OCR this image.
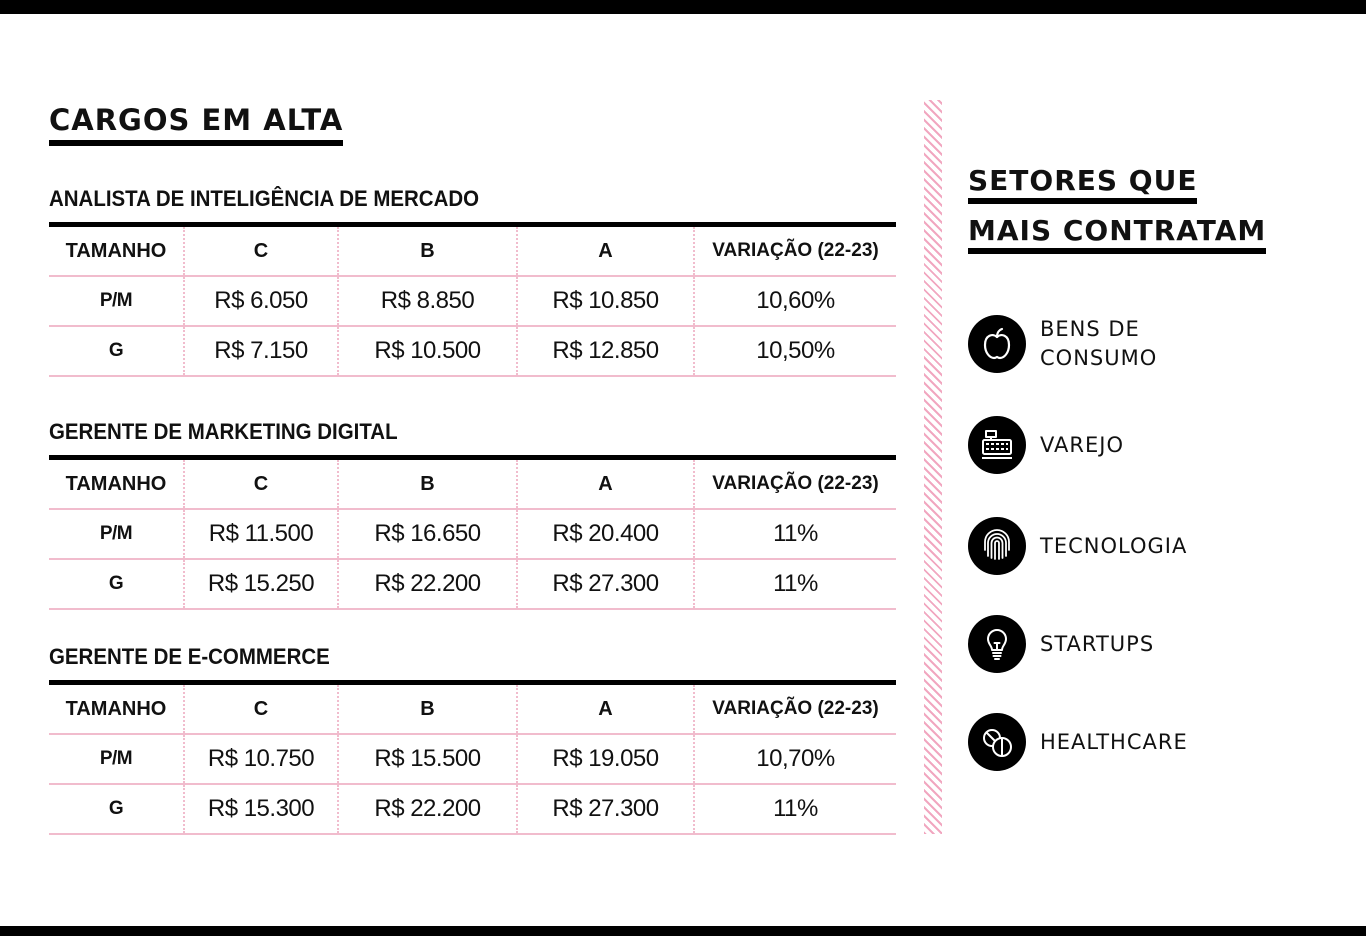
CARGOS EM ALTA
ANALISTA DE INTELIGÊNCIA DE MERCADO
TAMANHO	C	B	A	VARIAÇÃO (22-23)
P/M	R$ 6.050	R$ 8.850	R$ 10.850	10,60%
G	R$ 7.150	R$ 10.500	R$ 12.850	10,50%
GERENTE DE MARKETING DIGITAL
TAMANHO	C	B	A	VARIAÇÃO (22-23)
P/M	R$ 11.500	R$ 16.650	R$ 20.400	11%
G	R$ 15.250	R$ 22.200	R$ 27.300	11%
GERENTE DE E-COMMERCE
TAMANHO	C	B	A	VARIAÇÃO (22-23)
P/M	R$ 10.750	R$ 15.500	R$ 19.050	10,70%
G	R$ 15.300	R$ 22.200	R$ 27.300	11%
SETORES QUE
MAIS CONTRATAM
BENS DE CONSUMO
VAREJO
TECNOLOGIA
STARTUPS
HEALTHCARE
